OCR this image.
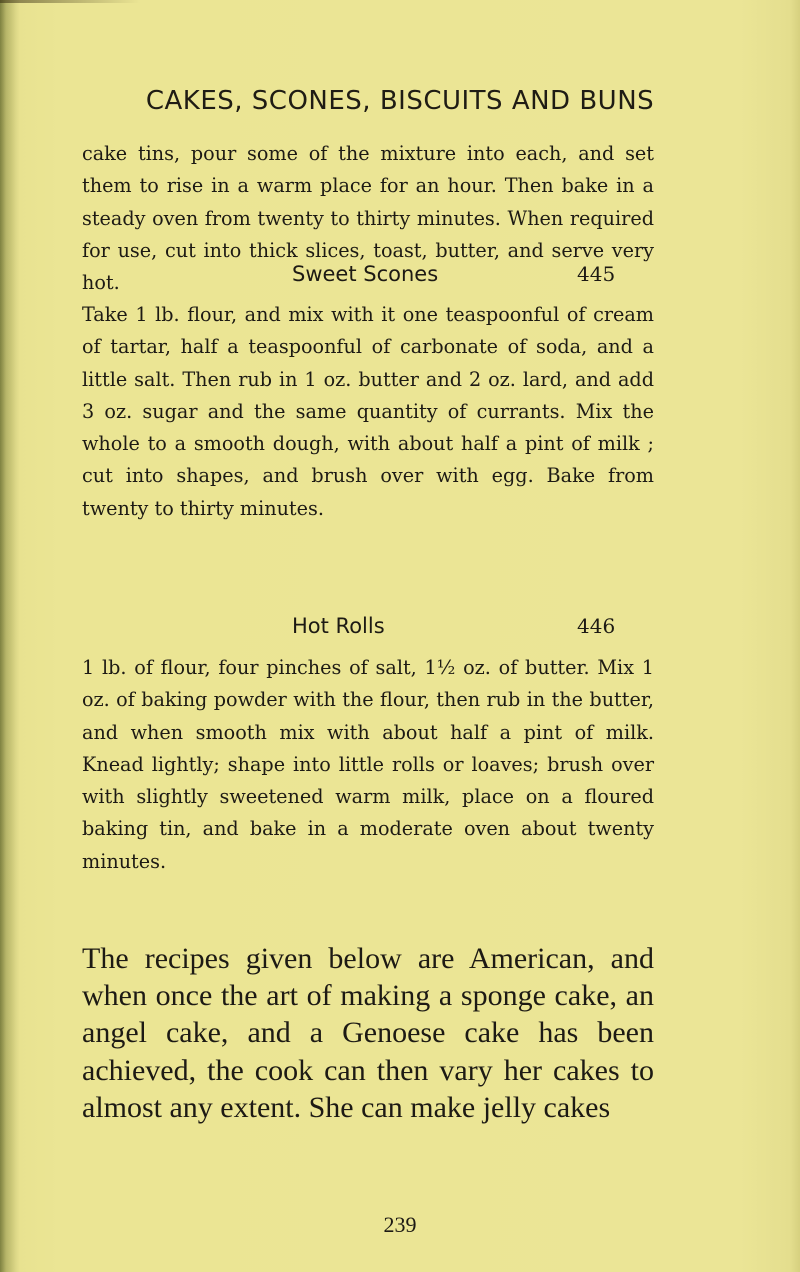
CAKES, SCONES, BISCUITS AND BUNS

cake tins, pour some of the mixture into each, and set them to rise in a warm place for an hour. Then bake in a steady oven from twenty to thirty minutes. When required for use, cut into thick slices, toast, butter, and serve very hot.	Sweet Scones	445

Take 1 lb. flour, and mix with it one teaspoonful of cream of tartar, half a teaspoonful of carbonate of soda, and a little salt. Then rub in 1 oz. butter and 2 oz. lard, and add 3 oz. sugar and the same quantity of currants. Mix the whole to a smooth dough, with about half a pint of milk ; cut into shapes, and brush over with egg. Bake from twenty to thirty minutes.

Hot Rolls	446

1 lb. of flour, four pinches of salt, 1½ oz. of butter. Mix 1 oz. of baking powder with the flour, then rub in the butter, and when smooth mix with about half a pint of milk. Knead lightly; shape into little rolls or loaves; brush over with slightly sweetened warm milk, place on a floured baking tin, and bake in a moderate oven about twenty minutes.

The recipes given below are American, and when once the art of making a sponge cake, an angel cake, and a Genoese cake has been achieved, the cook can then vary her cakes to almost any extent. She can make jelly cakes

239
